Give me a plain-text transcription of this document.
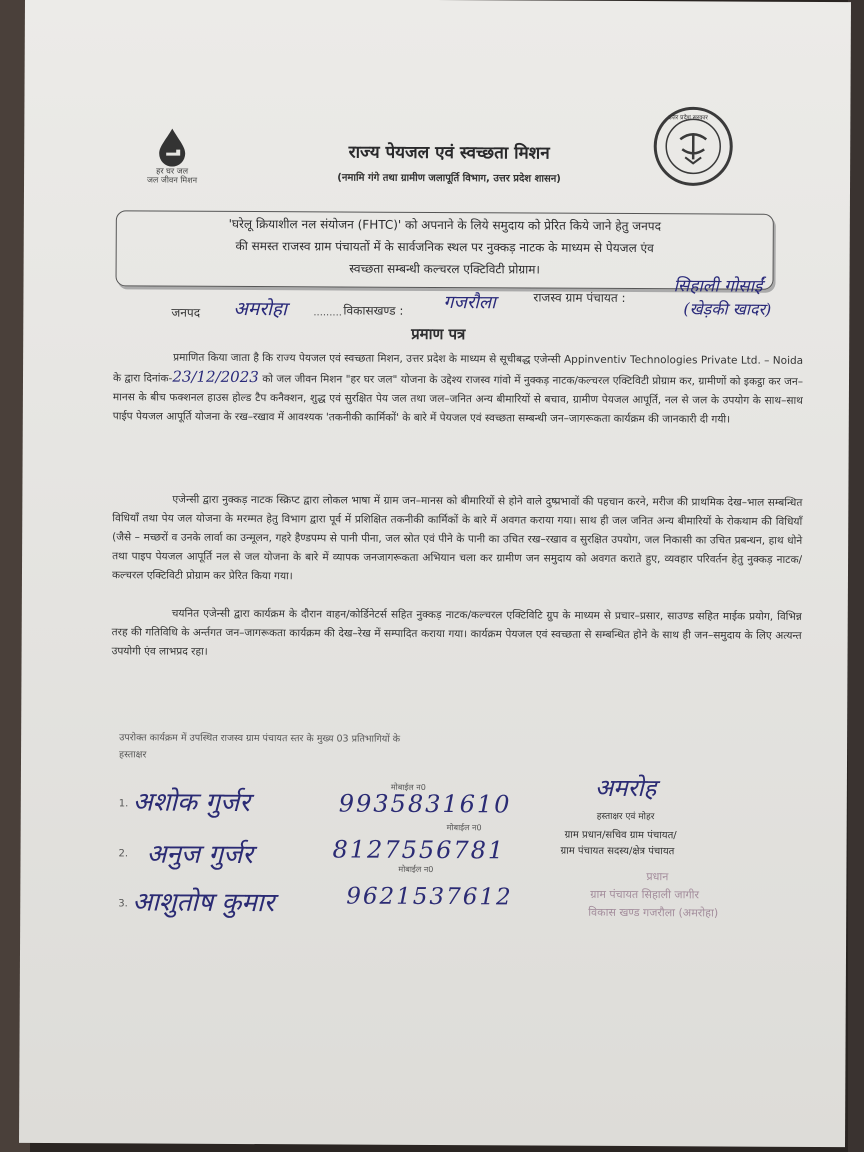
हर घर जल
जल जीवन मिशन
उत्तर प्रदेश सरकार
राज्य पेयजल एवं स्वच्छता मिशन
(नमामि गंगे तथा ग्रामीण जलापूर्ति विभाग, उत्तर प्रदेश शासन)

'घरेलू क्रियाशील नल संयोजन (FHTC)' को अपनाने के लिये समुदाय को प्रेरित किये जाने हेतु जनपद

की समस्त राजस्व ग्राम पंचायतों में के सार्वजनिक स्थल पर नुक्कड़ नाटक के माध्यम से पेयजल एंव

स्वच्छता सम्बन्धी कल्चरल एक्टिविटी प्रोग्राम।

जनपद अमरोहा	......... विकासखण्ड : गजरौला	राजस्व ग्राम पंचायत :
सिहाली गोसाईं
(खेड़की खादर)
प्रमाण पत्र

प्रमाणित किया जाता है कि राज्य पेयजल एवं स्वच्छता मिशन, उत्तर प्रदेश के माध्यम से सूचीबद्ध एजेन्सी Appinventiv Technologies Private Ltd. – Noida के द्वारा दिनांक-23/12/2023 को जल जीवन मिशन "हर घर जल" योजना के उद्देश्य राजस्व गांवो में नुक्कड़ नाटक/कल्चरल एक्टिविटी प्रोग्राम कर, ग्रामीणों को इकट्ठा कर जन–मानस के बीच फक्शनल हाउस होल्ड टैप कनैक्शन, शुद्ध एवं सुरक्षित पेय जल तथा जल–जनित अन्य बीमारियों से बचाव, ग्रामीण पेयजल आपूर्ति, नल से जल के उपयोग के साथ–साथ पाईप पेयजल आपूर्ति योजना के रख–रखाव में आवश्यक 'तकनीकी कार्मिकों' के बारे में पेयजल एवं स्वच्छता सम्बन्धी जन–जागरूकता कार्यक्रम की जानकारी दी गयी।

एजेन्सी द्वारा नुक्कड़ नाटक स्क्रिप्ट द्वारा लोकल भाषा में ग्राम जन–मानस को बीमारियों से होने वाले दुष्प्रभावों की पहचान करने, मरीज की प्राथमिक देख–भाल सम्बन्धित विधियाँ तथा पेय जल योजना के मरम्मत हेतु विभाग द्वारा पूर्व में प्रशिक्षित तकनीकी कार्मिकों के बारे में अवगत कराया गया। साथ ही जल जनित अन्य बीमारियों के रोकथाम की विधियाँ (जैसे – मच्छरों व उनके लार्वा का उन्मूलन, गहरे हैण्डपम्प से पानी पीना, जल स्रोत एवं पीने के पानी का उचित रख–रखाव व सुरक्षित उपयोग, जल निकासी का उचित प्रबन्धन, हाथ धोने तथा पाइप पेयजल आपूर्ति नल से जल योजना के बारे में व्यापक जनजागरूकता अभियान चला कर ग्रामीण जन समुदाय को अवगत कराते हुए, व्यवहार परिवर्तन हेतु नुक्कड़ नाटक/कल्चरल एक्टिविटी प्रोग्राम कर प्रेरित किया गया।

चयनित एजेन्सी द्वारा कार्यक्रम के दौरान वाहन/कोर्डिनेटर्स सहित नुक्कड़ नाटक/कल्चरल एक्टिविटि ग्रुप के माध्यम से प्रचार–प्रसार, साउण्ड सहित माईक प्रयोग, विभिन्न तरह की गतिविधि के अर्न्तगत जन–जागरूकता कार्यक्रम की देख–रेख में सम्पादित कराया गया। कार्यक्रम पेयजल एवं स्वच्छता से सम्बन्धित होने के साथ ही जन–समुदाय के लिए अत्यन्त उपयोगी एंव लाभप्रद रहा।

उपरोक्त कार्यक्रम में उपस्थित राजस्व ग्राम पंचायत स्तर के मुख्य 03 प्रतिभागियों के
हस्ताक्षर
मोबाईल न0
1. अशोक गुर्जर	9935831610
मोबाईल न0
2. अनुज गुर्जर	8127556781
मोबाईल न0
3. आशुतोष कुमार	9621537612
अमरोह
हस्ताक्षर एवं मोहर
ग्राम प्रधान/सचिव ग्राम पंचायत/
ग्राम पंचायत सदस्य/क्षेत्र पंचायत
प्रधान
ग्राम पंचायत सिहाली जागीर
विकास खण्ड गजरौला (अमरोहा)
